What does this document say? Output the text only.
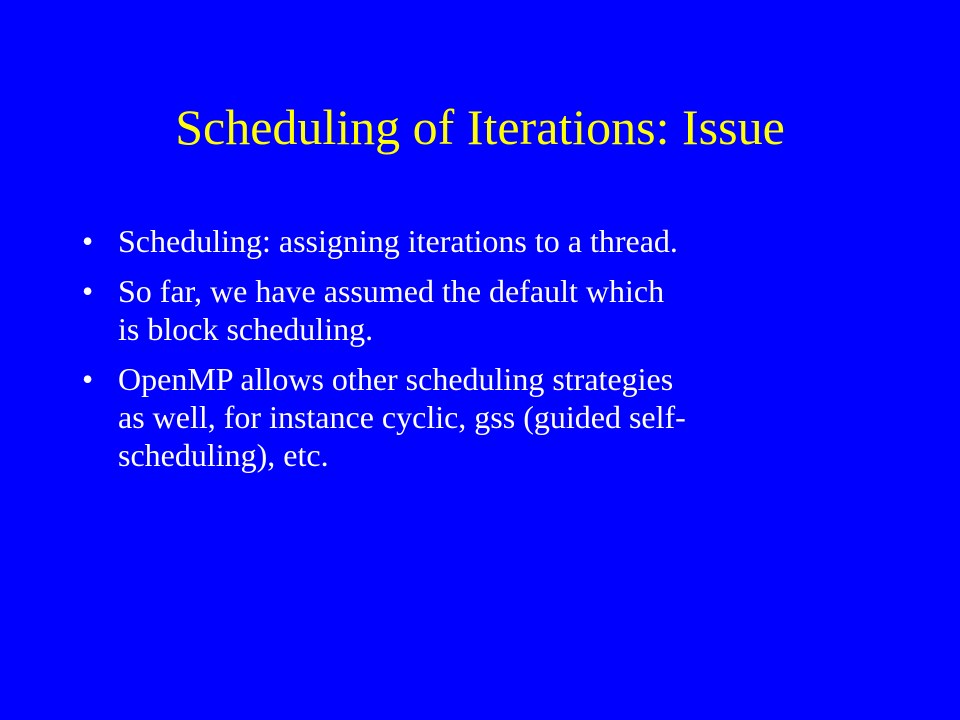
Scheduling of Iterations: Issue
• Scheduling: assigning iterations to a thread.
• So far, we have assumed the default which
is block scheduling.
• OpenMP allows other scheduling strategies
as well, for instance cyclic, gss (guided self-
scheduling), etc.
